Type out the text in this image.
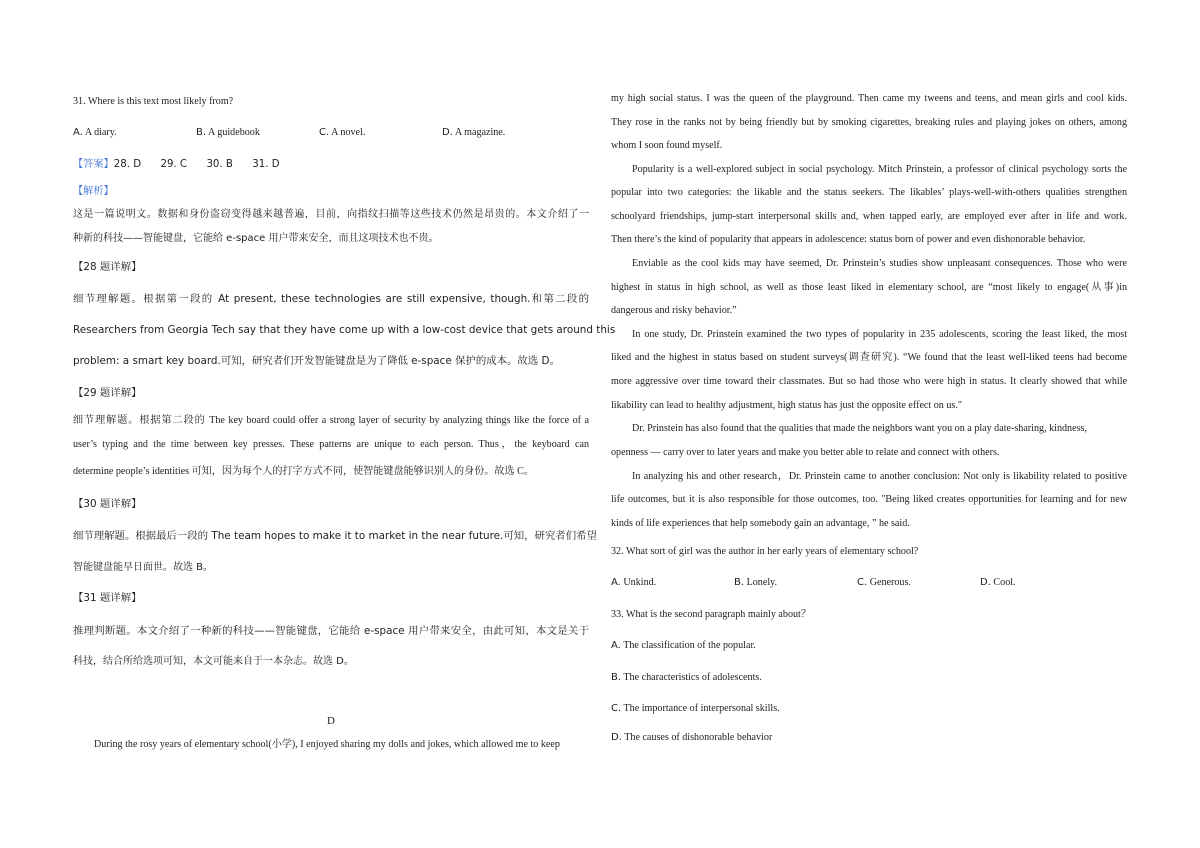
31. Where is this text most likely from?
A. A diary.	B. A guidebook	C. A novel.	D. A magazine.
【答案】28. D      29. C      30. B      31. D
【解析】
这是一篇说明文。数据和身份盗窃变得越来越普遍，目前，向指纹扫描等这些技术仍然是昂贵的。本文介绍了一
种新的科技——智能键盘，它能给 e-space 用户带来安全，而且这项技术也不贵。
【28 题详解】
细节理解题。根据第一段的 At present, these technologies are still expensive, though.和第二段的
Researchers from Georgia Tech say that they have come up with a low-cost device that gets around this
problem: a smart key board.可知，研究者们开发智能键盘是为了降低 e-space 保护的成本。故选 D。
【29 题详解】
细节理解题。根据第二段的 The key board could offer a strong layer of security by analyzing things like the force of a
user’s typing and the time between key presses. These patterns are unique to each person. Thus，the keyboard can
determine people’s identities 可知，因为每个人的打字方式不同，使智能键盘能够识别人的身份。故选 C。
【30 题详解】
细节理解题。根据最后一段的 The team hopes to make it to market in the near future.可知，研究者们希望
智能键盘能早日面世。故选 B。
【31 题详解】
推理判断题。本文介绍了一种新的科技——智能键盘，它能给 e-space 用户带来安全，由此可知，本文是关于
科技，结合所给选项可知，本文可能来自于一本杂志。故选 D。
D
During the rosy years of elementary school(小学), I enjoyed sharing my dolls and jokes, which allowed me to keep
my high social status. I was the queen of the playground. Then came my tweens and teens, and mean girls and cool kids.
They rose in the ranks not by being friendly but by smoking cigarettes, breaking rules and playing jokes on others, among
whom I soon found myself.
Popularity is a well-explored subject in social psychology. Mitch Prinstein, a professor of clinical psychology sorts the
popular into two categories: the likable and the status seekers. The likables’ plays-well-with-others qualities strengthen
schoolyard friendships, jump-start interpersonal skills and, when tapped early, are employed ever after in life and work.
Then there’s the kind of popularity that appears in adolescence: status born of power and even dishonorable behavior.
Enviable as the cool kids may have seemed, Dr. Prinstein’s studies show unpleasant consequences. Those who were
highest in status in high school, as well as those least liked in elementary school, are “most likely to engage(从事)in
dangerous and risky behavior.”
In one study, Dr. Prinstein examined the two types of popularity in 235 adolescents, scoring the least liked, the most
liked and the highest in status based on student surveys(调查研究). “We found that the least well-liked teens had become
more aggressive over time toward their classmates. But so had those who were high in status. It clearly showed that while
likability can lead to healthy adjustment, high status has just the opposite effect on us."
Dr. Prinstein has also found that the qualities that made the neighbors want you on a play date-sharing, kindness,
openness — carry over to later years and make you better able to relate and connect with others.
In analyzing his and other research，Dr. Prinstein came to another conclusion: Not only is likability related to positive
life outcomes, but it is also responsible for those outcomes, too. "Being liked creates opportunities for learning and for new
kinds of life experiences that help somebody gain an advantage, ” he said.
32. What sort of girl was the author in her early years of elementary school?
A. Unkind.	B. Lonely.	C. Generous.	D. Cool.
33. What is the second paragraph mainly about？
A. The classification of the popular.
B. The characteristics of adolescents.
C. The importance of interpersonal skills.
D. The causes of dishonorable behavior
